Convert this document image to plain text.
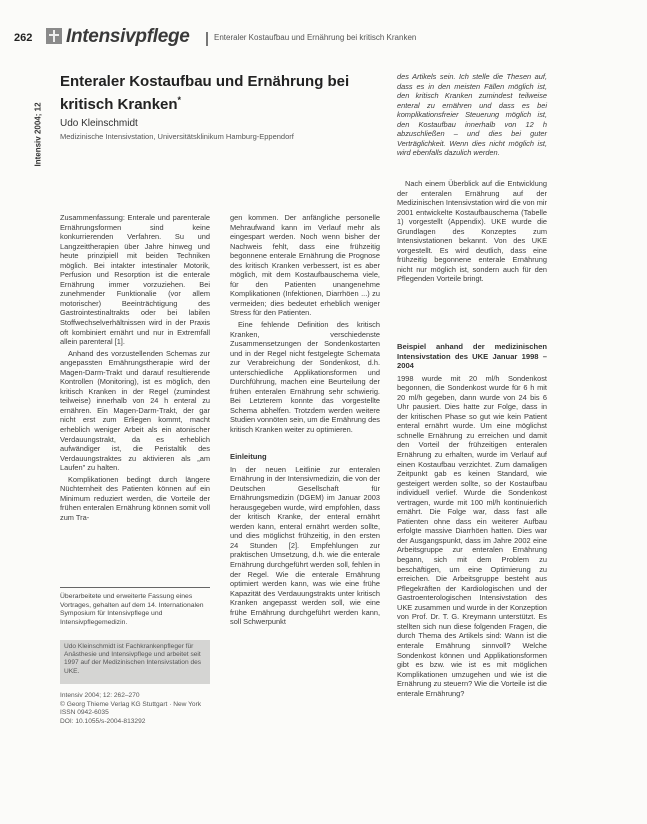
262 Intensivpflege	Enteraler Kostaufbau und Ernährung bei kritisch Kranken
Intensiv 2004; 12
Enteraler Kostaufbau und Ernährung bei kritisch Kranken*
Udo Kleinschmidt
Medizinische Intensivstation, Universitätsklinikum Hamburg-Eppendorf

Zusammenfassung: Enterale und parenterale Ernährungsformen sind keine konkurrierenden Verfahren. Su und Langzeittherapien über Jahre hinweg und heute prinzipiell mit beiden Techniken möglich. Bei intakter intestinaler Motorik, Perfusion und Resorption ist die enterale Ernährung immer vorzuziehen. Bei zunehmender Funktionalie (vor allem motorischer) Beeinträchtigung des Gastrointestinaltrakts oder bei labilen Stoffwechselverhältnissen wird in der Praxis oft kombiniert ernährt und nur in Extremfall allein parenteral [1].

Anhand des vorzustellenden Schemas zur angepassten Ernährungstherapie wird der Magen-Darm-Trakt und darauf resultierende Kontrollen (Monitoring), ist es möglich, den kritisch Kranken in der Regel (zumindest teilweise) innerhalb von 24 h enteral zu ernähren. Ein Magen-Darm-Trakt, der gar nicht erst zum Erliegen kommt, macht erheblich weniger Arbeit als ein atonischer Verdauungstrakt, da es erheblich aufwändiger ist, die Peristaltik des Verdauungstraktes zu aktivieren als „am Laufen" zu halten.

Komplikationen bedingt durch längere Nüchternheit des Patienten können auf ein Minimum reduziert werden, die Vorteile der frühen enteralen Ernährung können somit voll zum Tra-

gen kommen. Der anfängliche personelle Mehraufwand kann im Verlauf mehr als eingespart werden. Noch wenn bisher der Nachweis fehlt, dass eine frühzeitig begonnene enterale Ernährung die Prognose des kritisch Kranken verbessert, ist es aber möglich, mit dem Kostaufbauschema viele, für den Patienten unangenehme Komplikationen (Infektionen, Diarrhöen ...) zu vermeiden; dies bedeutet erheblich weniger Stress für den Patienten.

Eine fehlende Definition des kritisch Kranken, verschiedenste Zusammensetzungen der Sondenkostarten und in der Regel nicht festgelegte Schemata zur Verabreichung der Sondenkost, d.h. unterschiedliche Applikationsformen und Durchführung, machen eine Beurteilung der frühen enteralen Ernährung sehr schwierig. Bei Letzterem konnte das vorgestellte Schema abhelfen. Trotzdem werden weitere Studien vonnöten sein, um die Ernährung des kritisch Kranken weiter zu optimieren.

Einleitung

In der neuen Leitlinie zur enteralen Ernährung in der Intensivmedizin, die von der Deutschen Gesellschaft für Ernährungsmedizin (DGEM) im Januar 2003 herausgegeben wurde, wird empfohlen, dass der kritisch Kranke, der enteral ernährt werden kann, enteral ernährt werden sollte, und dies möglichst frühzeitig, in den ersten 24 Stunden [2]. Empfehlungen zur praktischen Umsetzung, d.h. wie die enterale Ernährung durchgeführt werden soll, fehlen in der Regel. Wie die enterale Ernährung optimiert werden kann, was wie eine frühe Kapazität des Verdauungstrakts unter kritisch Kranken angepasst werden soll, wie eine frühe Ernährung durchgeführt werden kann, soll Schwerpunkt

des Artikels sein. Ich stelle die Thesen auf, dass es in den meisten Fällen möglich ist, den kritisch Kranken zumindest teilweise enteral zu ernähren und dass es bei komplikationsfreier Steuerung möglich ist, den Kostaufbau innerhalb von 12 h abzuschließen – und dies bei guter Verträglichkeit. Wenn dies nicht möglich ist, wird ebenfalls dazulich werden.

Nach einem Überblick auf die Entwicklung der enteralen Ernährung auf der Medizinischen Intensivstation wird die von mir 2001 entwickelte Kostaufbauschema (Tabelle 1) vorgestellt (Appendix). UKE wurde die Grundlagen des Konzeptes zum Intensivstationen bekannt. Von des UKE vorgestellt. Es wird deutlich, dass eine frühzeitig begonnene enterale Ernährung nicht nur möglich ist, sondern auch für den Pflegenden Vorteile bringt.

Beispiel anhand der medizinischen Intensivstation des UKE Januar 1998 – 2004

1998 wurde mit 20 ml/h Sondenkost begonnen, die Sondenkost wurde für 6 h mit 20 ml/h gegeben, dann wurde von 24 bis 6 Uhr pausiert. Dies hatte zur Folge, dass in der kritischen Phase so gut wie kein Patient enteral ernährt wurde. Um eine möglichst schnelle Ernährung zu erreichen und damit den Vorteil der frühzeitigen enteralen Ernährung zu erhalten, wurde im Verlauf auf einen Kostaufbau verzichtet. Zum damaligen Zeitpunkt gab es keinen Standard, wie gesteigert werden sollte, so der Kostaufbau individuell verlief. Wurde die Sondenkost vertragen, wurde mit 100 ml/h kontinuierlich ernährt. Die Folge war, dass fast alle Patienten ohne dass ein weiterer Aufbau erfolgte massive Diarrhöen hatten. Dies war der Ausgangspunkt, dass im Jahre 2002 eine Arbeitsgruppe zur enteralen Ernährung begann, sich mit dem Problem zu beschäftigen, um eine Optimierung zu erreichen. Die Arbeitsgruppe besteht aus Pflegekräften der Kardiologischen und der Gastroenterologischen Intensivstation des UKE zusammen und wurde in der Konzeption von Prof. Dr. T. G. Kreymann unterstützt. Es stellten sich nun diese folgenden Fragen, die durch Thema des Artikels sind: Wann ist die enterale Ernährung sinnvoll? Welche Sondenkost können und Applikationsformen gibt es bzw. wie ist es mit möglichen Komplikationen umzugehen und wie ist die Ernährung zu steuern? Wie die Vorteile ist die enterale Ernährung?

Überarbeitete und erweiterte Fassung eines Vortrages, gehalten auf dem 14. Internationalen Symposium für Intensivpflege und Intensivpflegemedizin.

Udo Kleinschmidt ist Fachkrankenpfleger für Anästhesie und Intensivpflege und arbeitet seit 1997 auf der Medizinischen Intensivstation des UKE.

Intensiv 2004; 12: 262–270
© Georg Thieme Verlag KG Stuttgart · New York
ISSN 0942-6035
DOI: 10.1055/s-2004-813292
